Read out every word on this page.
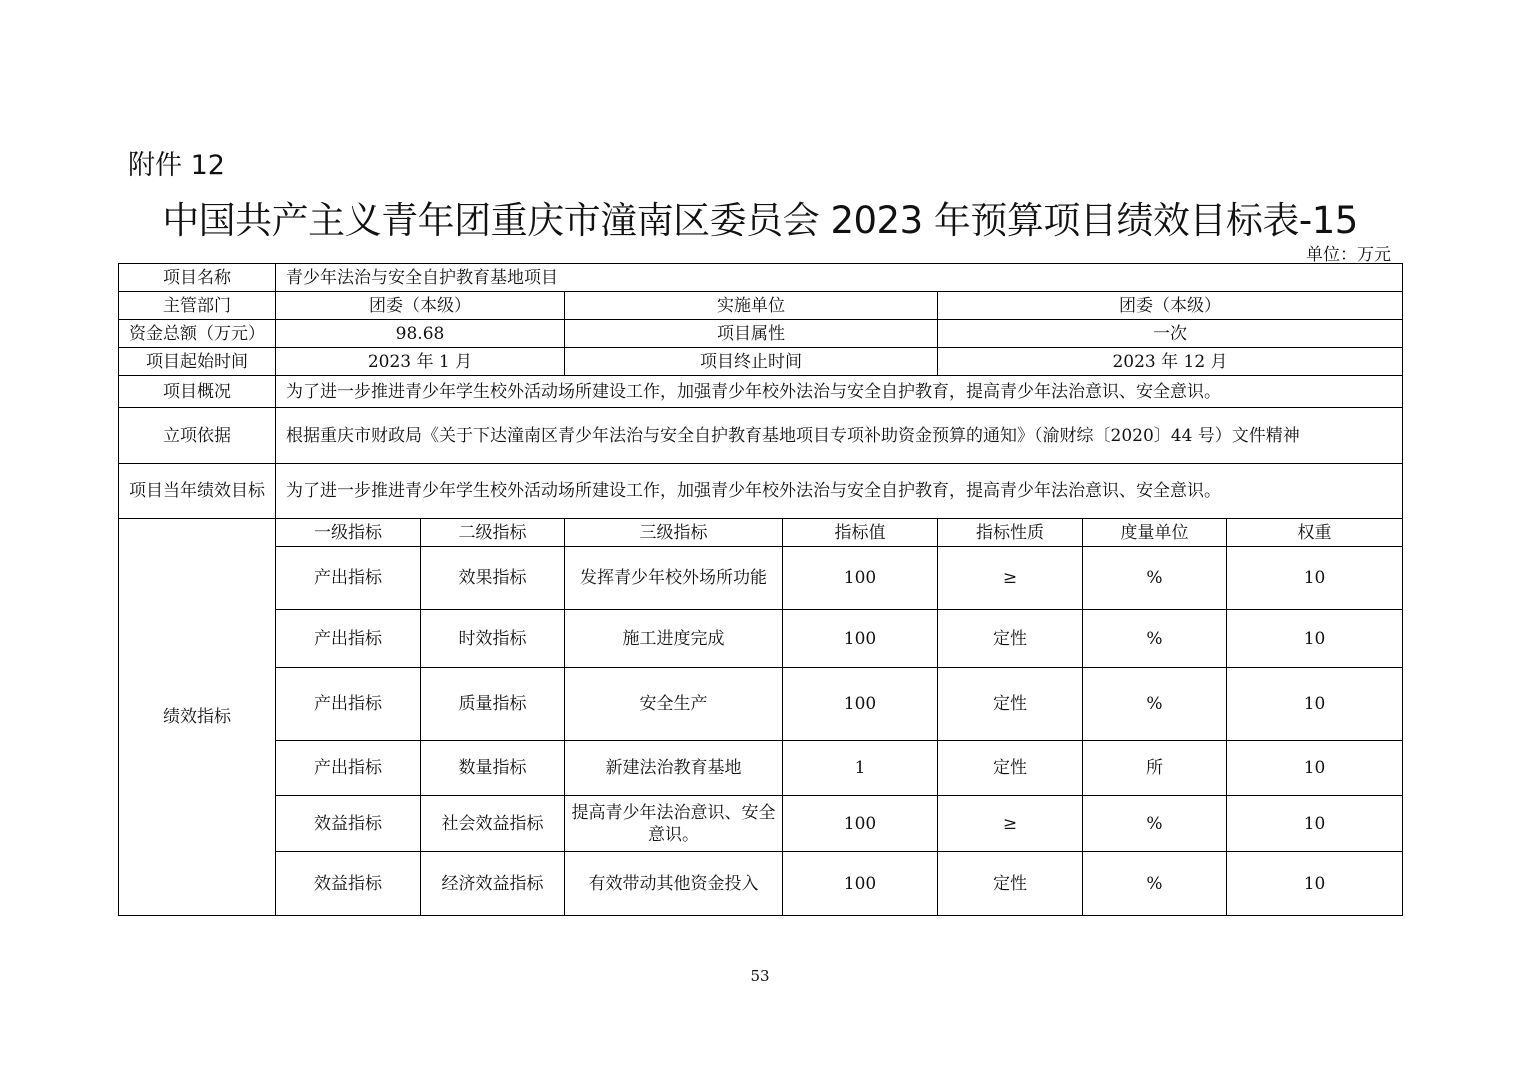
附件 12
中国共产主义青年团重庆市潼南区委员会 2023 年预算项目绩效目标表-15
单位：万元
项目名称	青少年法治与安全自护教育基地项目						
主管部门	团委（本级）		实施单位		团委（本级）		
资金总额（万元）	98.68		项目属性		一次		
项目起始时间	2023 年 1 月		项目终止时间		2023 年 12 月		
项目概况	为了进一步推进青少年学生校外活动场所建设工作，加强青少年校外法治与安全自护教育，提高青少年法治意识、安全意识。						
立项依据	根据重庆市财政局《关于下达潼南区青少年法治与安全自护教育基地项目专项补助资金预算的通知》（渝财综〔2020〕44 号）文件精神						
项目当年绩效目标	为了进一步推进青少年学生校外活动场所建设工作，加强青少年校外法治与安全自护教育，提高青少年法治意识、安全意识。						
绩效指标	一级指标	二级指标	三级指标	指标值	指标性质	度量单位	权重
	产出指标	效果指标	发挥青少年校外场所功能	100	≥	%	10
	产出指标	时效指标	施工进度完成	100	定性	%	10
	产出指标	质量指标	安全生产	100	定性	%	10
	产出指标	数量指标	新建法治教育基地	1	定性	所	10
	效益指标	社会效益指标	提高青少年法治意识、安全意识。	100	≥	%	10
	效益指标	经济效益指标	有效带动其他资金投入	100	定性	%	10
53
